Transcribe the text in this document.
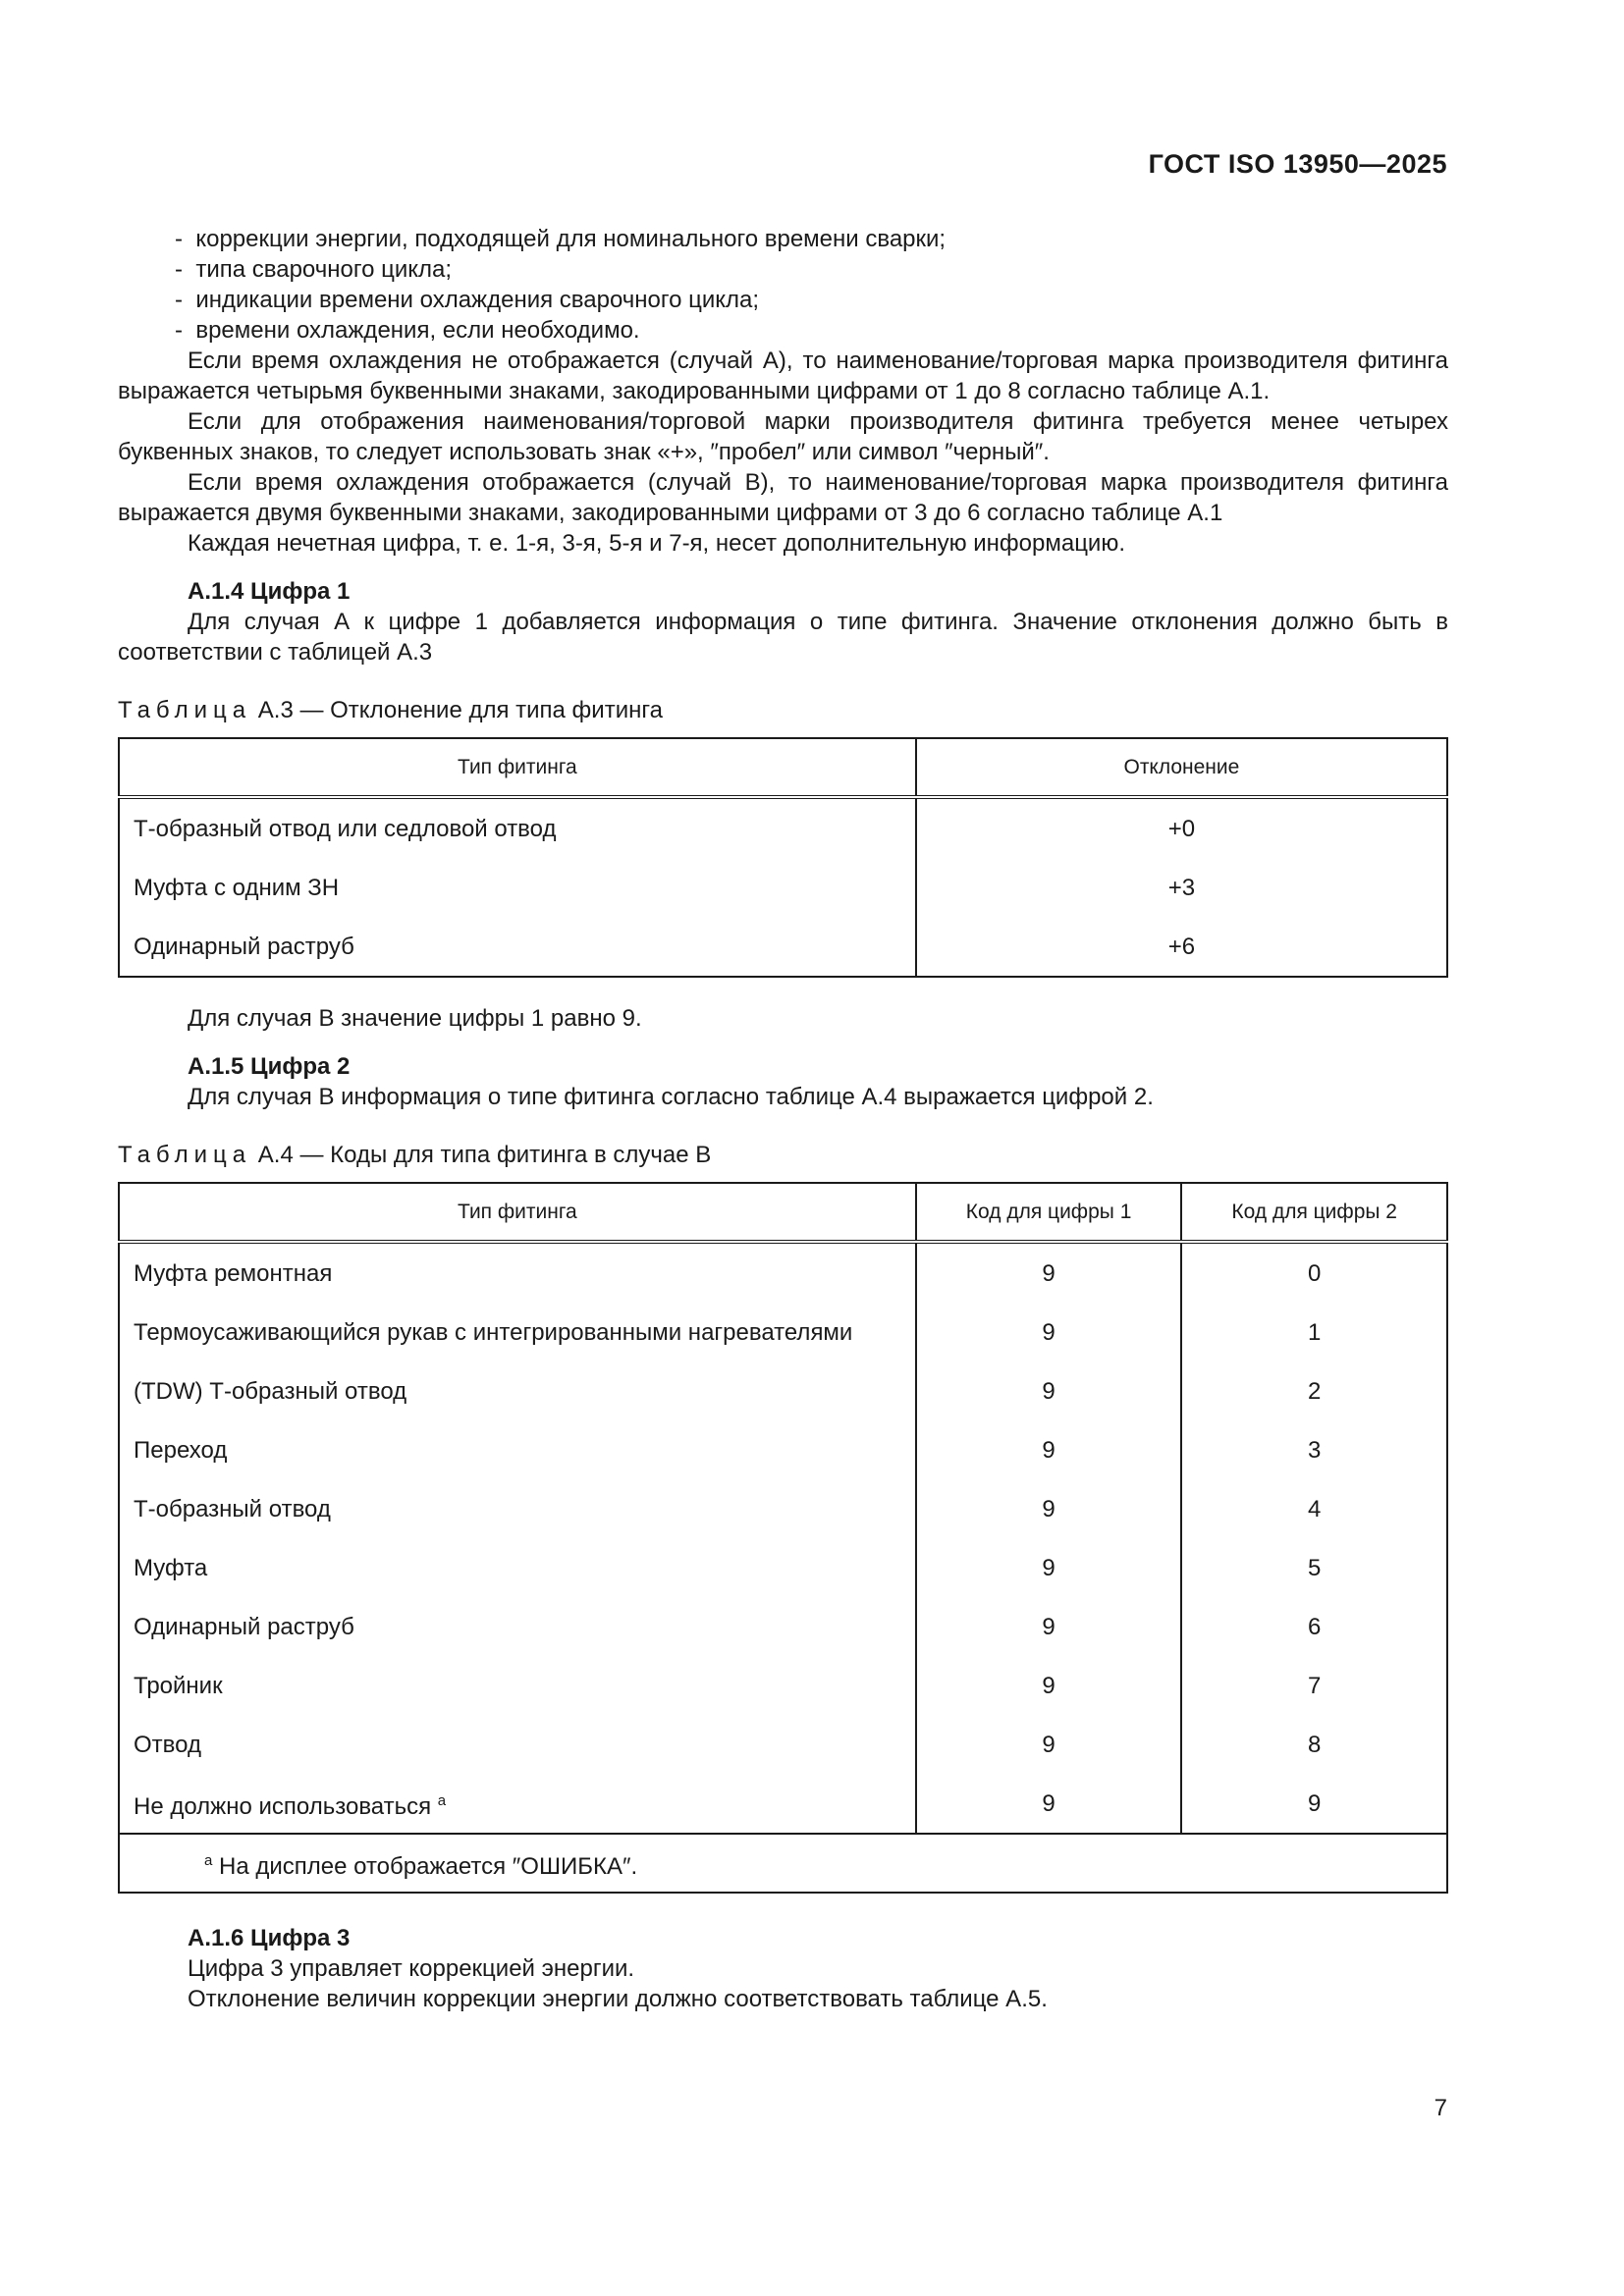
ГОСТ ISO 13950—2025

-  коррекции энергии, подходящей для номинального времени сварки;

-  типа сварочного цикла;

-  индикации времени охлаждения сварочного цикла;

-  времени охлаждения, если необходимо.

Если время охлаждения не отображается (случай A), то наименование/торговая марка производителя фитинга выражается четырьмя буквенными знаками, закодированными цифрами от 1 до 8 согласно таблице А.1.

Если для отображения наименования/торговой марки производителя фитинга требуется менее четырех буквенных знаков, то следует использовать знак «+», ″пробел″ или символ ″черный″.

Если время охлаждения отображается (случай В), то наименование/торговая марка производителя фитинга выражается двумя буквенными знаками, закодированными цифрами от 3 до 6 согласно таблице А.1

Каждая нечетная цифра, т. е. 1-я, 3-я, 5-я и 7-я, несет дополнительную информацию.

А.1.4 Цифра 1

Для случая А к цифре 1 добавляется информация о типе фитинга. Значение отклонения должно быть в соответствии с таблицей А.3

Таблица А.3 — Отклонение для типа фитинга

Тип фитинга	Отклонение
Т-образный отвод или седловой отвод	+0
Муфта с одним ЗН	+3
Одинарный раструб	+6

Для случая В значение цифры 1 равно 9.

А.1.5 Цифра 2

Для случая В информация о типе фитинга согласно таблице А.4 выражается цифрой 2.

Таблица А.4 — Коды для типа фитинга в случае В

Тип фитинга	Код для цифры 1	Код для цифры 2
Муфта ремонтная	9	0
Термоусаживающийся рукав с интегрированными нагревателями	9	1
(TDW) Т-образный отвод	9	2
Переход	9	3
Т-образный отвод	9	4
Муфта	9	5
Одинарный раструб	9	6
Тройник	9	7
Отвод	9	8
Не должно использоваться $^a$	9	9
$^a$ На дисплее отображается ″ОШИБКА″.		

А.1.6 Цифра 3

Цифра 3 управляет коррекцией энергии.

Отклонение величин коррекции энергии должно соответствовать таблице А.5.

7
